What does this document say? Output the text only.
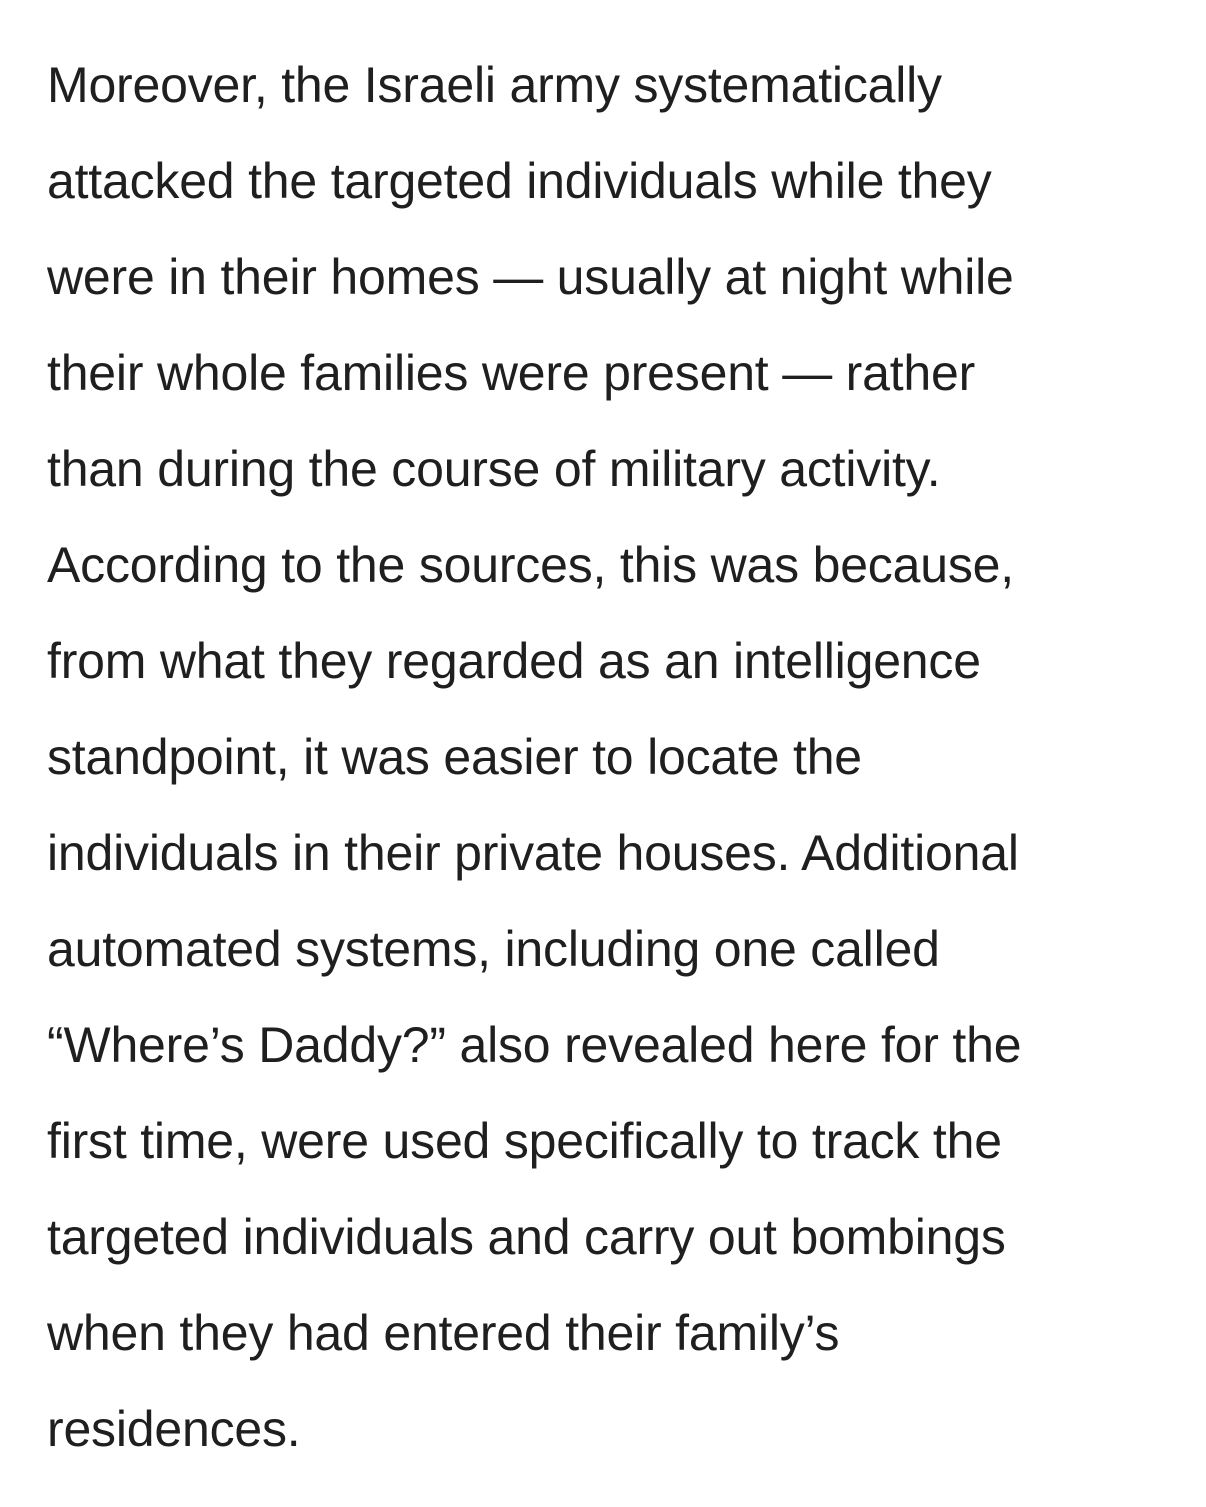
Moreover, the Israeli army systematically
attacked the targeted individuals while they
were in their homes — usually at night while
their whole families were present — rather
than during the course of military activity.
According to the sources, this was because,
from what they regarded as an intelligence
standpoint, it was easier to locate the
individuals in their private houses. Additional
automated systems, including one called
“Where’s Daddy?” also revealed here for the
first time, were used specifically to track the
targeted individuals and carry out bombings
when they had entered their family’s
residences.
